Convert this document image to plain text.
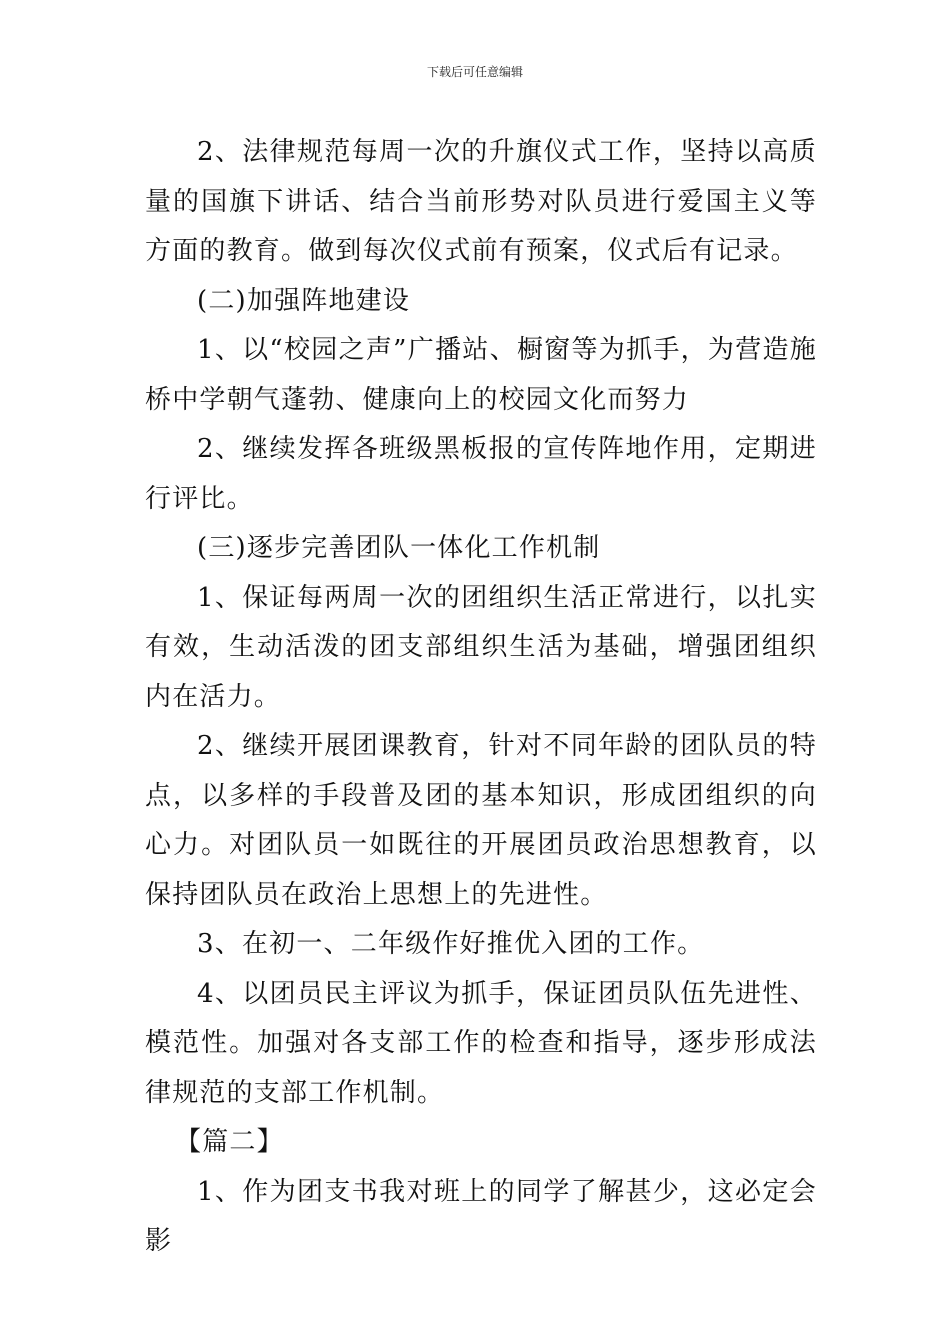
下载后可任意编辑

2、法律规范每周一次的升旗仪式工作，坚持以高质量的国旗下讲话、结合当前形势对队员进行爱国主义等方面的教育。做到每次仪式前有预案，仪式后有记录。

(二)加强阵地建设

1、以“校园之声”广播站、橱窗等为抓手，为营造施桥中学朝气蓬勃、健康向上的校园文化而努力

2、继续发挥各班级黑板报的宣传阵地作用，定期进行评比。

(三)逐步完善团队一体化工作机制

1、保证每两周一次的团组织生活正常进行，以扎实有效，生动活泼的团支部组织生活为基础，增强团组织内在活力。

2、继续开展团课教育，针对不同年龄的团队员的特点，以多样的手段普及团的基本知识，形成团组织的向心力。对团队员一如既往的开展团员政治思想教育，以保持团队员在政治上思想上的先进性。

3、在初一、二年级作好推优入团的工作。

4、以团员民主评议为抓手，保证团员队伍先进性、模范性。加强对各支部工作的检查和指导，逐步形成法律规范的支部工作机制。

【篇二】

1、作为团支书我对班上的同学了解甚少，这必定会影
